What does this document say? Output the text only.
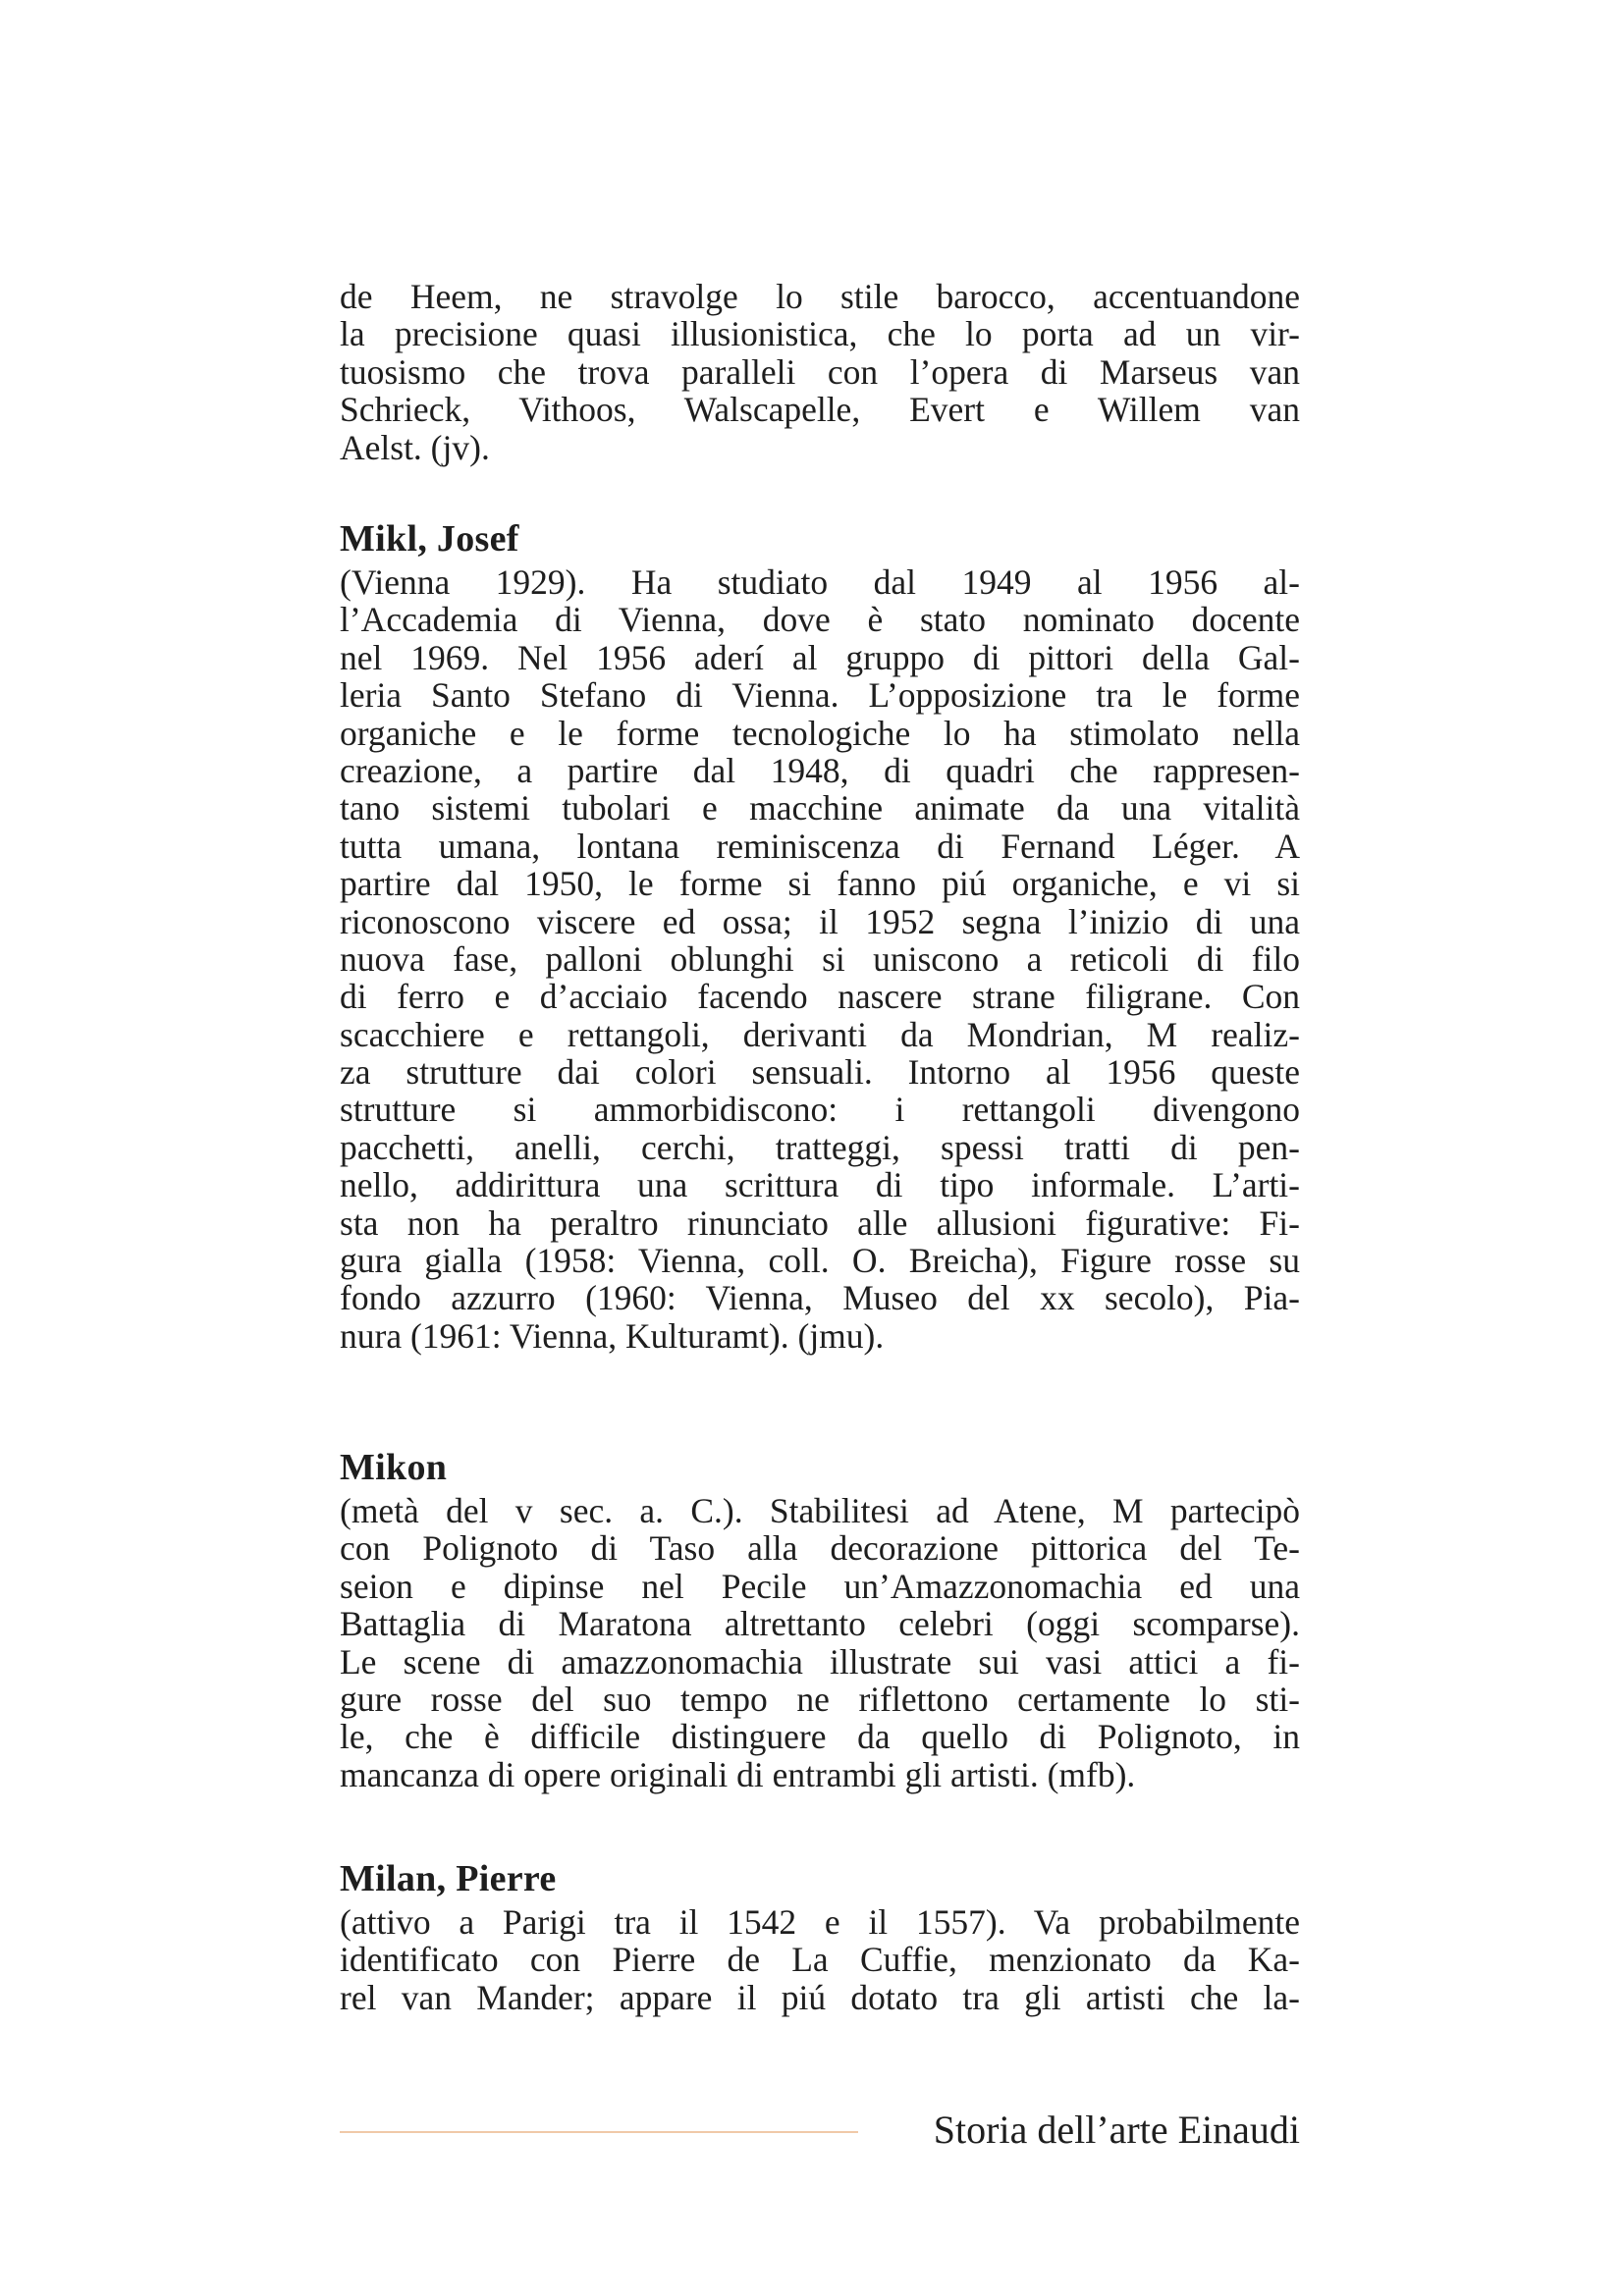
de Heem, ne stravolge lo stile barocco, accentuandone
la precisione quasi illusionistica, che lo porta ad un vir-
tuosismo che trova paralleli con l’opera di Marseus van
Schrieck, Vithoos, Walscapelle, Evert e Willem van
Aelst. (jv).

Mikl, Josef

(Vienna 1929). Ha studiato dal 1949 al 1956 al-
l’Accademia di Vienna, dove è stato nominato docente
nel 1969. Nel 1956 aderí al gruppo di pittori della Gal-
leria Santo Stefano di Vienna. L’opposizione tra le forme
organiche e le forme tecnologiche lo ha stimolato nella
creazione, a partire dal 1948, di quadri che rappresen-
tano sistemi tubolari e macchine animate da una vitalità
tutta umana, lontana reminiscenza di Fernand Léger. A
partire dal 1950, le forme si fanno piú organiche, e vi si
riconoscono viscere ed ossa; il 1952 segna l’inizio di una
nuova fase, palloni oblunghi si uniscono a reticoli di filo
di ferro e d’acciaio facendo nascere strane filigrane. Con
scacchiere e rettangoli, derivanti da Mondrian, M realiz-
za strutture dai colori sensuali. Intorno al 1956 queste
strutture si ammorbidiscono: i rettangoli divengono
pacchetti, anelli, cerchi, tratteggi, spessi tratti di pen-
nello, addirittura una scrittura di tipo informale. L’arti-
sta non ha peraltro rinunciato alle allusioni figurative: Fi-
gura gialla (1958: Vienna, coll. O. Breicha), Figure rosse su
fondo azzurro (1960: Vienna, Museo del xx secolo), Pia-
nura (1961: Vienna, Kulturamt). (jmu).

Mikon

(metà del v sec. a. C.). Stabilitesi ad Atene, M partecipò
con Polignoto di Taso alla decorazione pittorica del Te-
seion e dipinse nel Pecile un’Amazzonomachia ed una
Battaglia di Maratona altrettanto celebri (oggi scomparse).
Le scene di amazzonomachia illustrate sui vasi attici a fi-
gure rosse del suo tempo ne riflettono certamente lo sti-
le, che è difficile distinguere da quello di Polignoto, in
mancanza di opere originali di entrambi gli artisti. (mfb).

Milan, Pierre

(attivo a Parigi tra il 1542 e il 1557). Va probabilmente
identificato con Pierre de La Cuffie, menzionato da Ka-
rel van Mander; appare il piú dotato tra gli artisti che la-

Storia dell’arte Einaudi
